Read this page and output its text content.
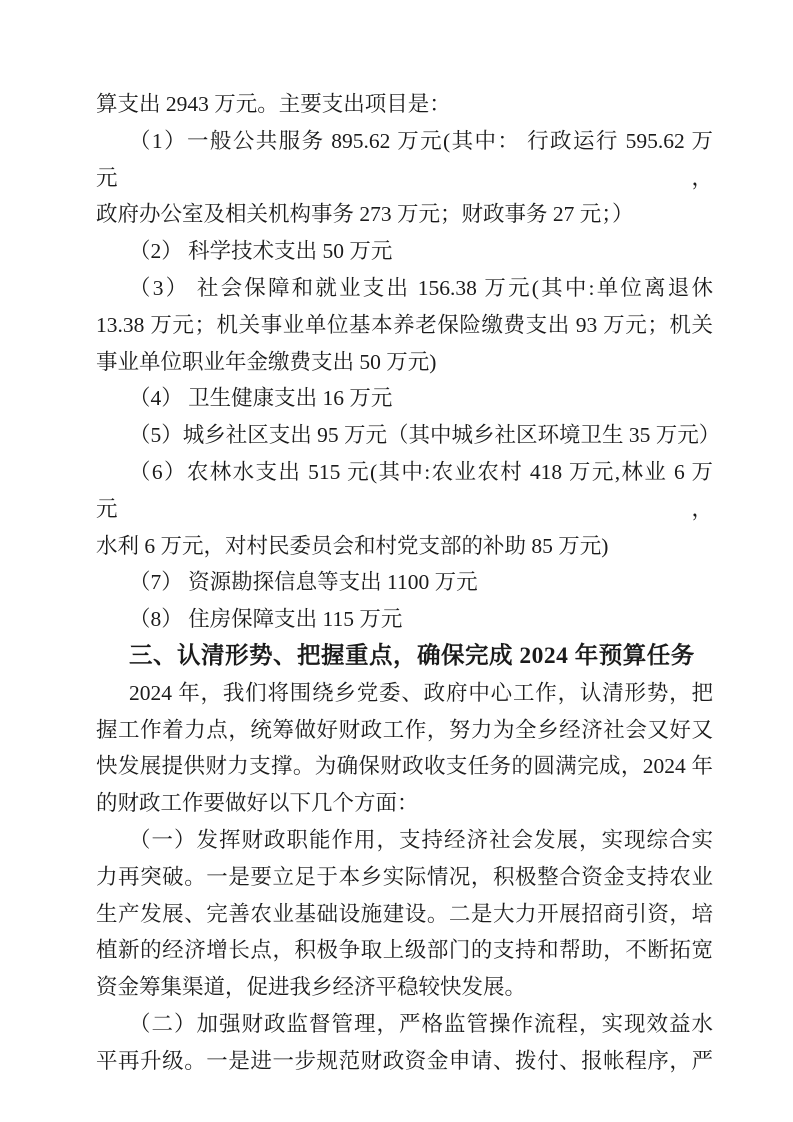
算支出 2943 万元。主要支出项目是：
（1）一般公共服务 895.62 万元(其中： 行政运行 595.62 万元，
政府办公室及相关机构事务 273 万元；财政事务 27 元；）
（2） 科学技术支出 50 万元
（3） 社会保障和就业支出 156.38 万元(其中:单位离退休
13.38 万元；机关事业单位基本养老保险缴费支出 93 万元；机关
事业单位职业年金缴费支出 50 万元)
（4） 卫生健康支出 16 万元
（5）城乡社区支出 95 万元（其中城乡社区环境卫生 35 万元）
（6）农林水支出 515 元(其中:农业农村 418 万元,林业 6 万元，
水利 6 万元，对村民委员会和村党支部的补助 85 万元)
（7） 资源勘探信息等支出 1100 万元
（8） 住房保障支出 115 万元
三、认清形势、把握重点，确保完成 2024 年预算任务
2024 年，我们将围绕乡党委、政府中心工作，认清形势，把
握工作着力点，统筹做好财政工作，努力为全乡经济社会又好又
快发展提供财力支撑。为确保财政收支任务的圆满完成，2024 年
的财政工作要做好以下几个方面：
（一）发挥财政职能作用，支持经济社会发展，实现综合实
力再突破。一是要立足于本乡实际情况，积极整合资金支持农业
生产发展、完善农业基础设施建设。二是大力开展招商引资，培
植新的经济增长点，积极争取上级部门的支持和帮助，不断拓宽
资金筹集渠道，促进我乡经济平稳较快发展。
（二）加强财政监督管理，严格监管操作流程，实现效益水
平再升级。一是进一步规范财政资金申请、拨付、报帐程序，严
